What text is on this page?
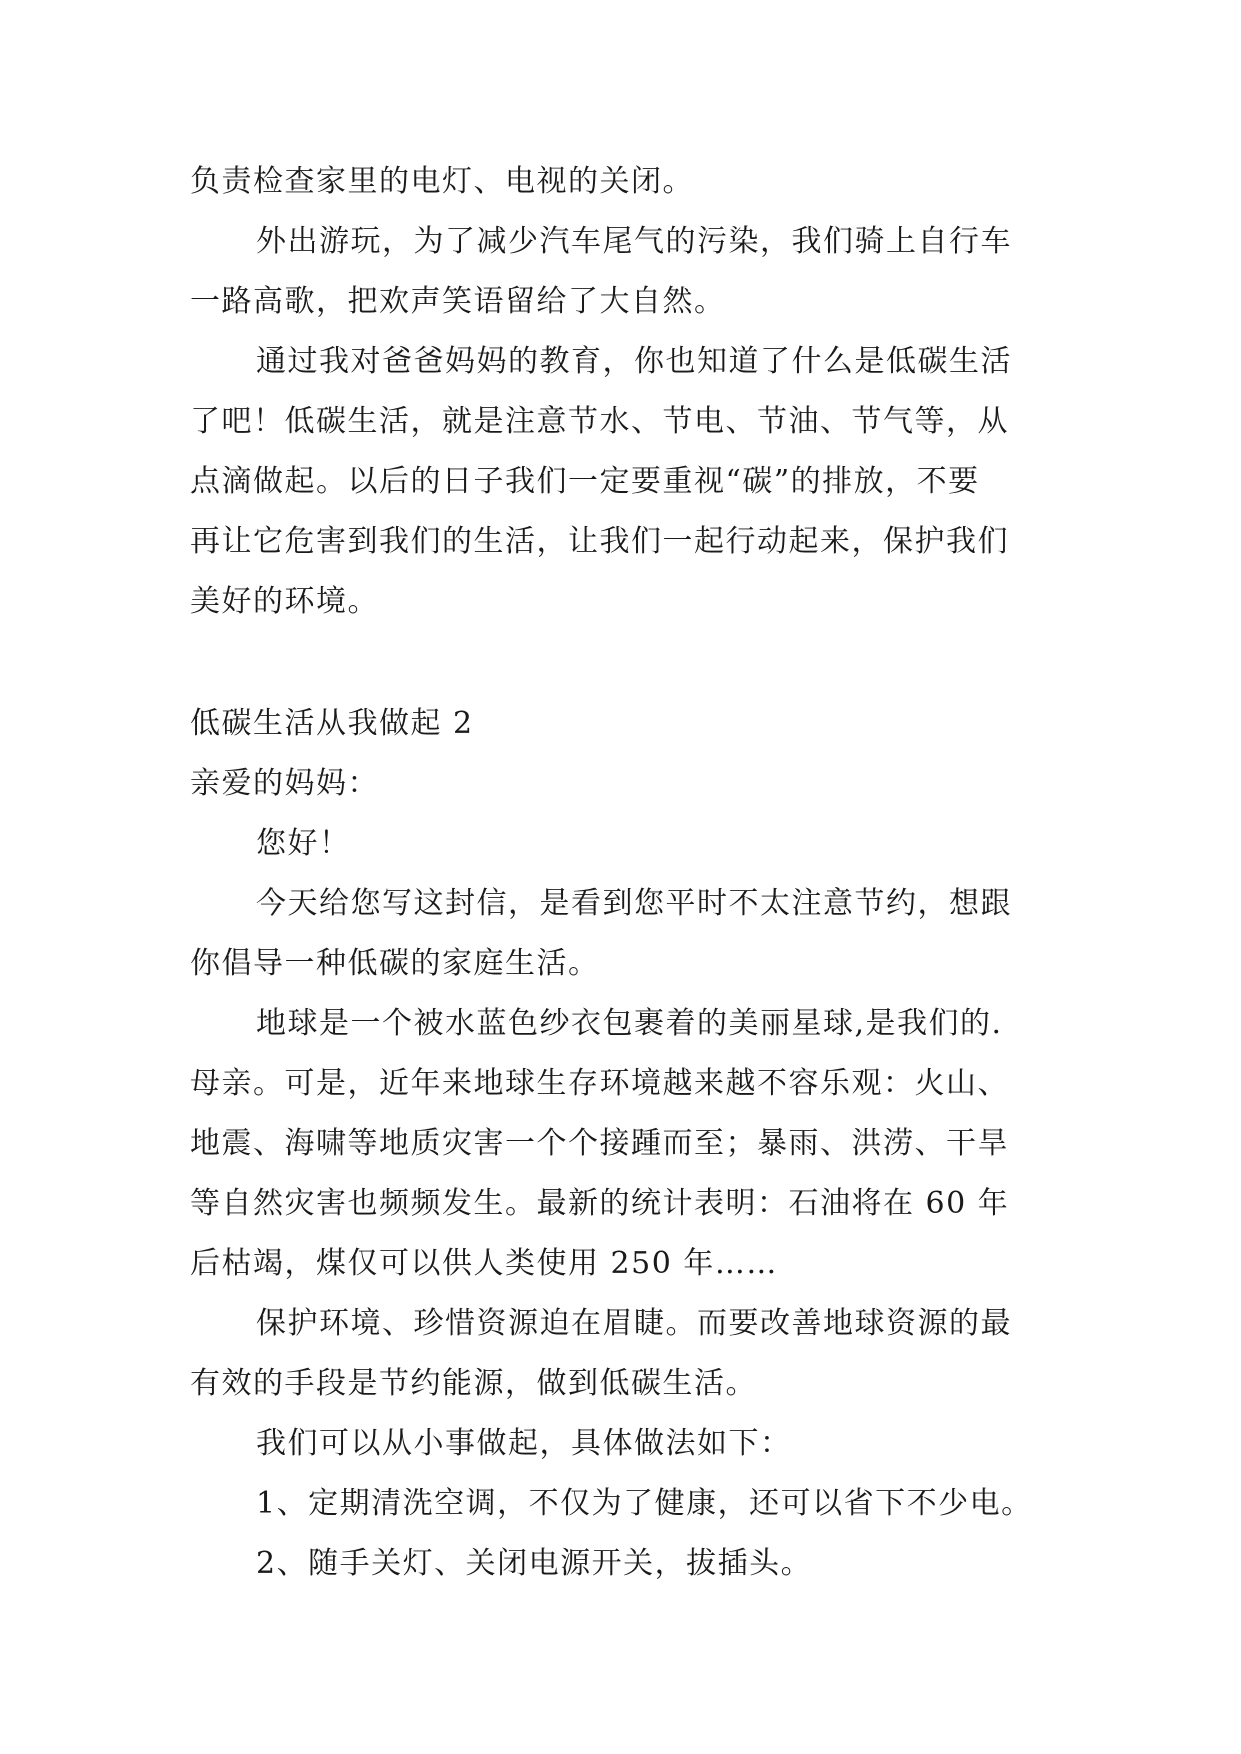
负责检查家里的电灯、电视的关闭。
外出游玩，为了减少汽车尾气的污染，我们骑上自行车
一路高歌，把欢声笑语留给了大自然。
通过我对爸爸妈妈的教育，你也知道了什么是低碳生活
了吧！低碳生活，就是注意节水、节电、节油、节气等，从
点滴做起。以后的日子我们一定要重视“碳”的排放，不要
再让它危害到我们的生活，让我们一起行动起来，保护我们
美好的环境。
低碳生活从我做起 2
亲爱的妈妈：
您好！
今天给您写这封信，是看到您平时不太注意节约，想跟
你倡导一种低碳的家庭生活。
地球是一个被水蓝色纱衣包裹着的美丽星球,是我们的.
母亲。可是，近年来地球生存环境越来越不容乐观：火山、
地震、海啸等地质灾害一个个接踵而至；暴雨、洪涝、干旱
等自然灾害也频频发生。最新的统计表明：石油将在 60 年
后枯竭，煤仅可以供人类使用 250 年……
保护环境、珍惜资源迫在眉睫。而要改善地球资源的最
有效的手段是节约能源，做到低碳生活。
我们可以从小事做起，具体做法如下：
1、定期清洗空调，不仅为了健康，还可以省下不少电。
2、随手关灯、关闭电源开关，拔插头。
